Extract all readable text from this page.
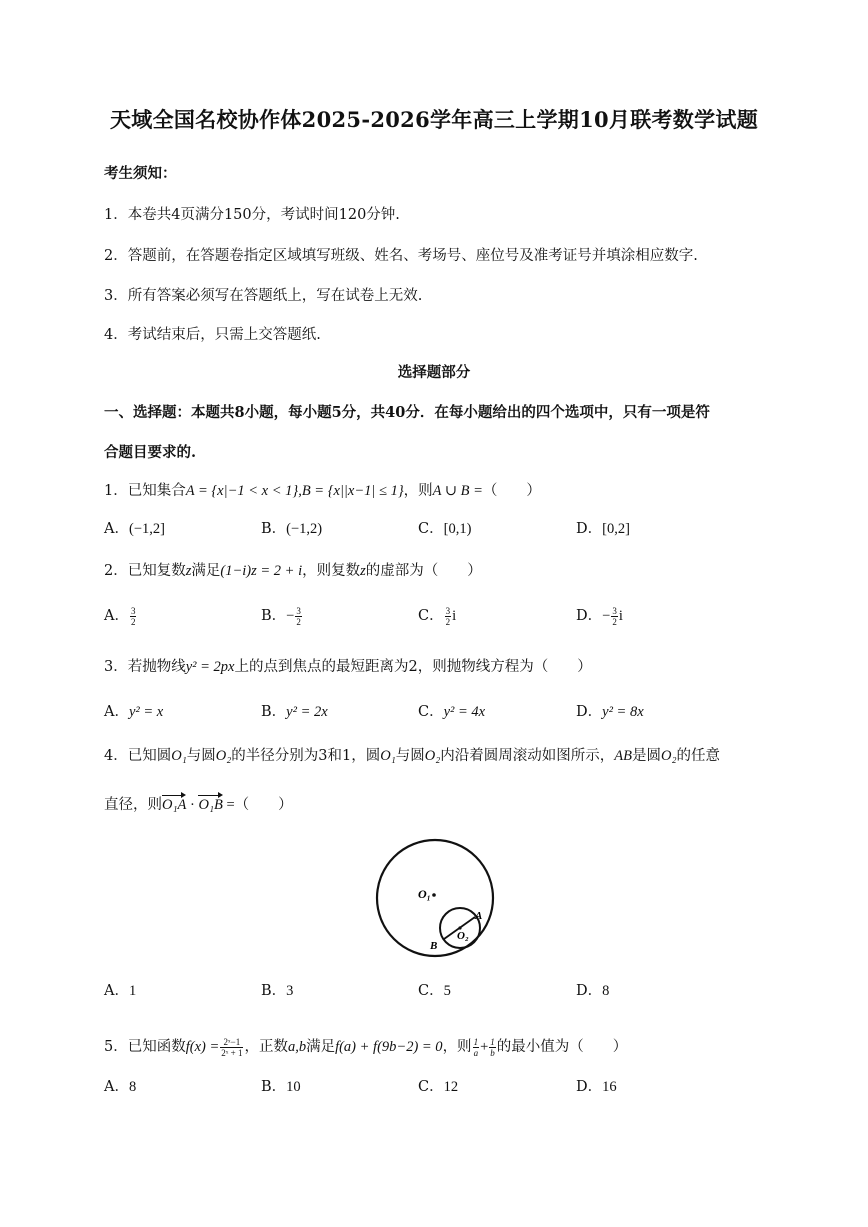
天域全国名校协作体2025-2026学年高三上学期10月联考数学试题
考生须知：
1．本卷共4页满分150分，考试时间120分钟.
2．答题前，在答题卷指定区域填写班级、姓名、考场号、座位号及准考证号并填涂相应数字.
3．所有答案必须写在答题纸上，写在试卷上无效.
4．考试结束后，只需上交答题纸.
选择题部分
一、选择题：本题共8小题，每小题5分，共40分．在每小题给出的四个选项中，只有一项是符
合题目要求的.
1．已知集合A = {x|−1 < x < 1},B = {x||x−1| ≤ 1}，则A ∪ B =（　　）
A．(−1,2]	B．(−1,2)	C．[0,1)	D．[0,2]
2．已知复数z满足(1−i)z = 2 + i，则复数z的虚部为（　　）
A． $\frac{3}{2}$	B．− $\frac{3}{2}$	C． $\frac{3}{2}$ i	D．− $\frac{3}{2}$ i
3．若抛物线y² = 2px上的点到焦点的最短距离为2，则抛物线方程为（　　）
A．y² = x	B．y² = 2x	C．y² = 4x	D．y² = 8x
4．已知圆O₁与圆O₂的半径分别为3和1，圆O₁与圆O₂内沿着圆周滚动如图所示，AB是圆O₂的任意
直径，则O₁A · O₁B =（　　）
O₁
O₂
A
B
A．1	B．3	C．5	D．8
5．已知函数$f(x) = \frac{\text{2ˣ−1}}{\text{2ˣ + 1}}$ ，正数a,b满足f(a) + f(9b−2) = 0，则 $\frac{1}{a} + \frac{1}{b}$ 的最小值为（　　）
A．8	B．10	C．12	D．16
